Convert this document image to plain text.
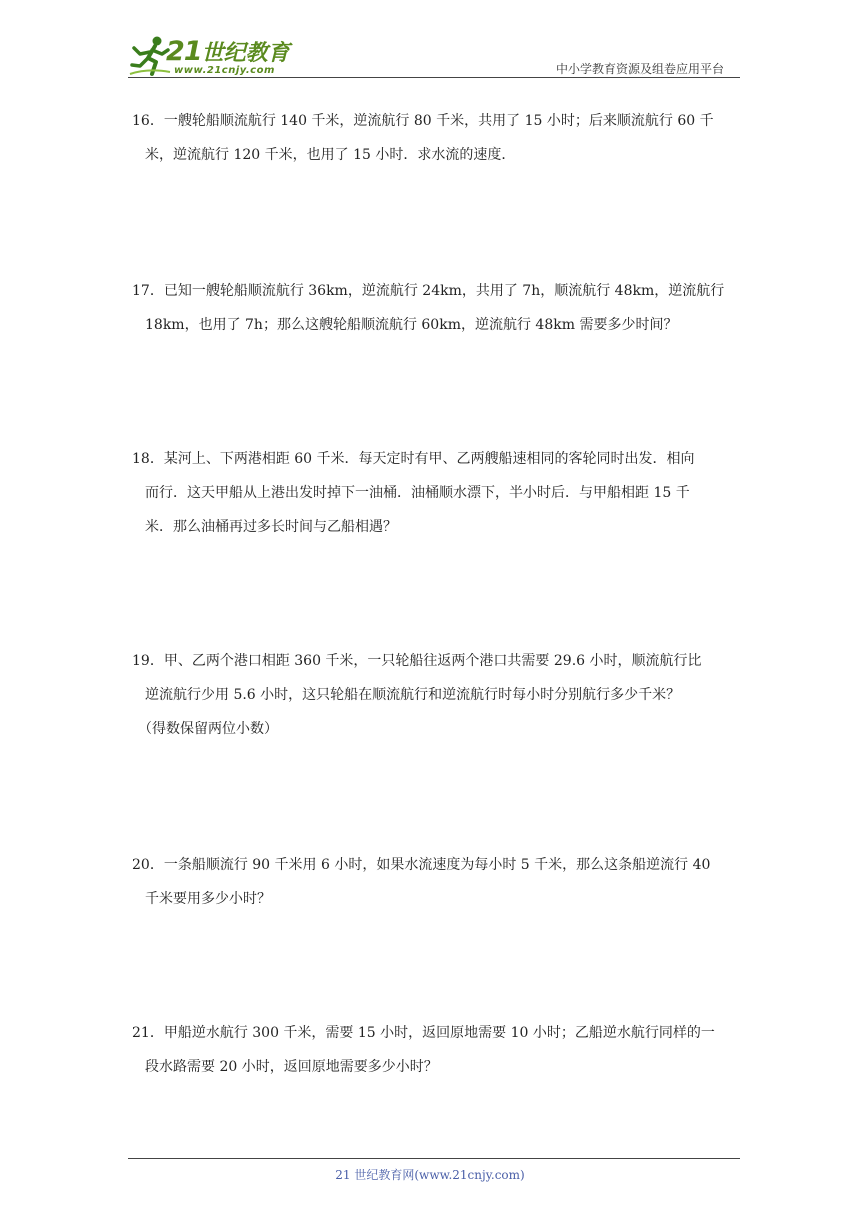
21世纪教育
www.21cnjy.com	中小学教育资源及组卷应用平台
16．一艘轮船顺流航行 140 千米，逆流航行 80 千米，共用了 15 小时；后来顺流航行 60 千
米，逆流航行 120 千米，也用了 15 小时．求水流的速度．
17．已知一艘轮船顺流航行 36km，逆流航行 24km，共用了 7h，顺流航行 48km，逆流航行
18km，也用了 7h；那么这艘轮船顺流航行 60km，逆流航行 48km 需要多少时间？
18．某河上、下两港相距 60 千米．每天定时有甲、乙两艘船速相同的客轮同时出发．相向
而行．这天甲船从上港出发时掉下一油桶．油桶顺水漂下，半小时后．与甲船相距 15 千
米．那么油桶再过多长时间与乙船相遇？
19．甲、乙两个港口相距 360 千米，一只轮船往返两个港口共需要 29.6 小时，顺流航行比
逆流航行少用 5.6 小时，这只轮船在顺流航行和逆流航行时每小时分别航行多少千米？
（得数保留两位小数）
20．一条船顺流行 90 千米用 6 小时，如果水流速度为每小时 5 千米，那么这条船逆流行 40
千米要用多少小时？
21．甲船逆水航行 300 千米，需要 15 小时，返回原地需要 10 小时；乙船逆水航行同样的一
段水路需要 20 小时，返回原地需要多少小时？
21 世纪教育网(www.21cnjy.com)
